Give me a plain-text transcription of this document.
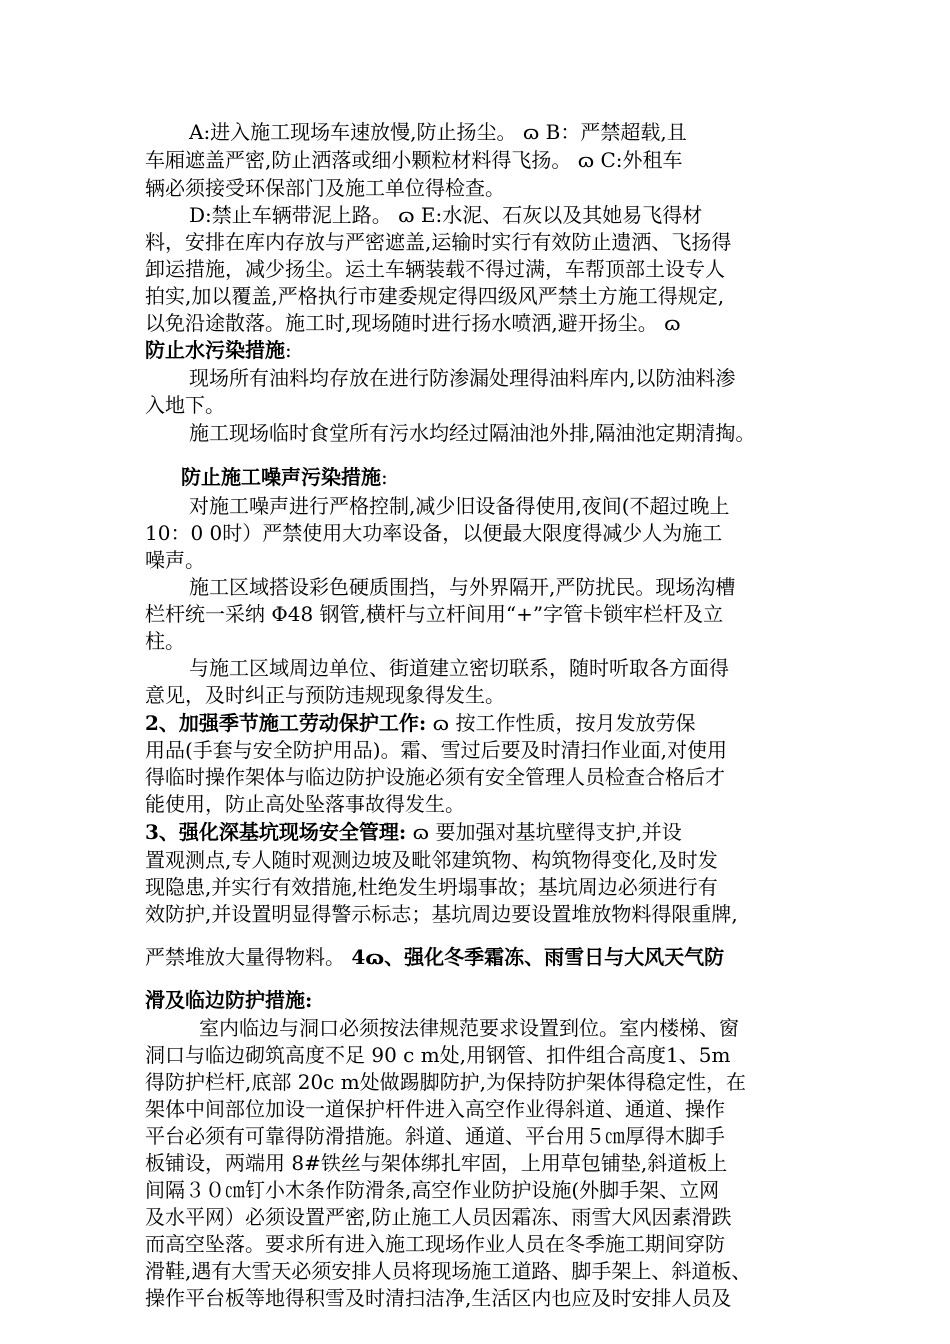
A:进入施工现场车速放慢,防止扬尘。 ɷ B：严禁超载,且
车厢遮盖严密,防止洒落或细小颗粒材料得飞扬。 ɷ C:外租车
辆必须接受环保部门及施工单位得检查。
D:禁止车辆带泥上路。 ɷ E:水泥、石灰以及其她易飞得材
料，安排在库内存放与严密遮盖,运输时实行有效防止遗洒、飞扬得
卸运措施，减少扬尘。运土车辆装载不得过满，车帮顶部土设专人
拍实,加以覆盖,严格执行市建委规定得四级风严禁土方施工得规定,
以免沿途散落。施工时,现场随时进行扬水喷洒,避开扬尘。 ɷ
防止水污染措施:
现场所有油料均存放在进行防渗漏处理得油料库内,以防油料渗
入地下。
施工现场临时食堂所有污水均经过隔油池外排,隔油池定期清掏。
防止施工噪声污染措施:
对施工噪声进行严格控制,减少旧设备得使用,夜间(不超过晚上
10：0 0时）严禁使用大功率设备，以便最大限度得减少人为施工
噪声。
施工区域搭设彩色硬质围挡，与外界隔开,严防扰民。现场沟槽
栏杆统一采纳 Φ48 钢管,横杆与立杆间用“+”字管卡锁牢栏杆及立
柱。
与施工区域周边单位、街道建立密切联系，随时听取各方面得
意见，及时纠正与预防违规现象得发生。
2、加强季节施工劳动保护工作: ɷ 按工作性质，按月发放劳保
用品(手套与安全防护用品)。霜、雪过后要及时清扫作业面,对使用
得临时操作架体与临边防护设施必须有安全管理人员检查合格后才
能使用，防止高处坠落事故得发生。
3、强化深基坑现场安全管理: ɷ 要加强对基坑壁得支护,并设
置观测点,专人随时观测边坡及毗邻建筑物、构筑物得变化,及时发
现隐患,并实行有效措施,杜绝发生坍塌事故；基坑周边必须进行有
效防护,并设置明显得警示标志；基坑周边要设置堆放物料得限重牌,
严禁堆放大量得物料。 4ɷ、强化冬季霜冻、雨雪日与大风天气防
滑及临边防护措施:
室内临边与洞口必须按法律规范要求设置到位。室内楼梯、窗
洞口与临边砌筑高度不足 90 c m处,用钢管、扣件组合高度1、5m
得防护栏杆,底部 20c m处做踢脚防护,为保持防护架体得稳定性，在
架体中间部位加设一道保护杆件进入高空作业得斜道、通道、操作
平台必须有可靠得防滑措施。斜道、通道、平台用５㎝厚得木脚手
板铺设，两端用 8#铁丝与架体绑扎牢固，上用草包铺垫,斜道板上
间隔３０㎝钉小木条作防滑条,高空作业防护设施(外脚手架、立网
及水平网）必须设置严密,防止施工人员因霜冻、雨雪大风因素滑跌
而高空坠落。要求所有进入施工现场作业人员在冬季施工期间穿防
滑鞋,遇有大雪天必须安排人员将现场施工道路、脚手架上、斜道板、
操作平台板等地得积雪及时清扫洁净,生活区内也应及时安排人员及
